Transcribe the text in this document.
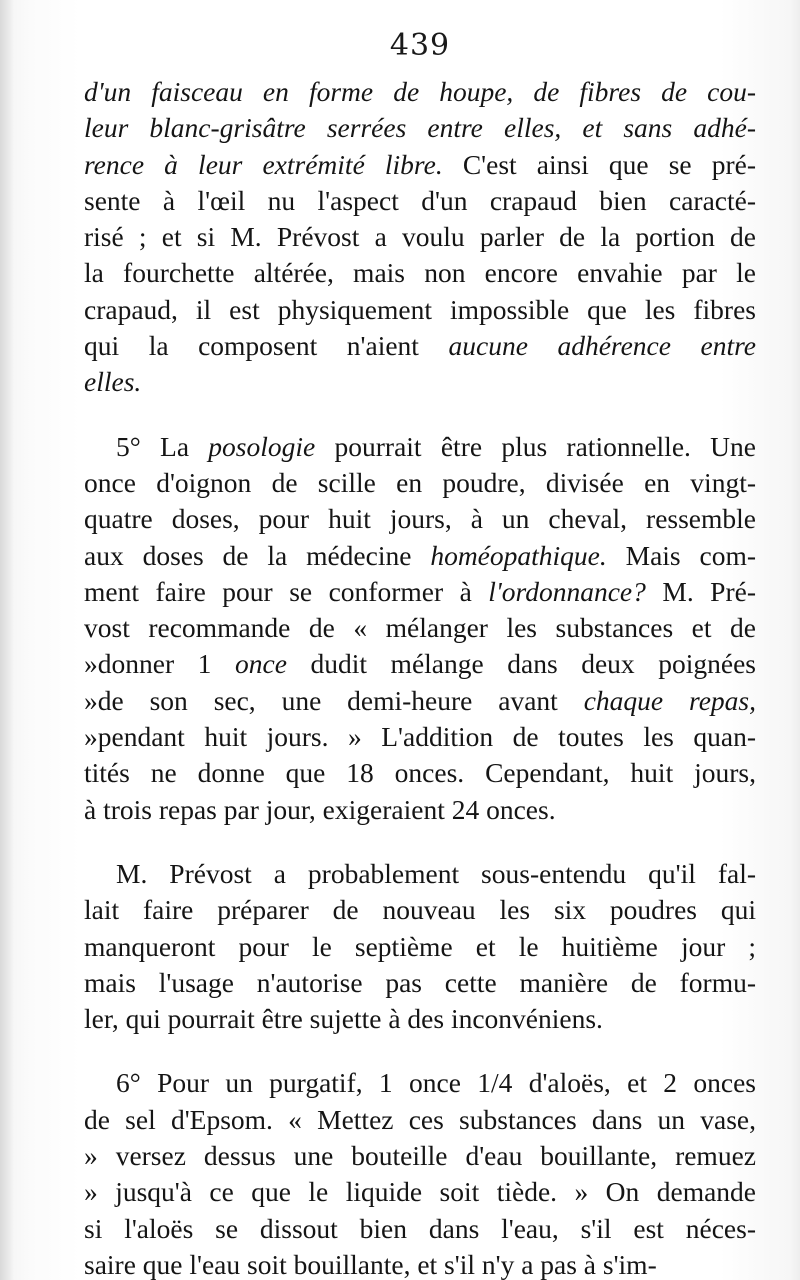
439
d'un faisceau en forme de houpe, de fibres de cou-
leur blanc-grisâtre serrées entre elles, et sans adhé-
rence à leur extrémité libre. C'est ainsi que se pré-
sente à l'œil nu l'aspect d'un crapaud bien caracté-
risé ; et si M. Prévost a voulu parler de la portion de
la fourchette altérée, mais non encore envahie par le
crapaud, il est physiquement impossible que les fibres
qui la composent n'aient aucune adhérence entre
elles.
5° La posologie pourrait être plus rationnelle. Une
once d'oignon de scille en poudre, divisée en vingt-
quatre doses, pour huit jours, à un cheval, ressemble
aux doses de la médecine homéopathique. Mais com-
ment faire pour se conformer à l'ordonnance? M. Pré-
vost recommande de « mélanger les substances et de
»donner 1 once dudit mélange dans deux poignées
»de son sec, une demi-heure avant chaque repas,
»pendant huit jours. » L'addition de toutes les quan-
tités ne donne que 18 onces. Cependant, huit jours,
à trois repas par jour, exigeraient 24 onces.
M. Prévost a probablement sous-entendu qu'il fal-
lait faire préparer de nouveau les six poudres qui
manqueront pour le septième et le huitième jour ;
mais l'usage n'autorise pas cette manière de formu-
ler, qui pourrait être sujette à des inconvéniens.
6° Pour un purgatif, 1 once 1/4 d'aloës, et 2 onces
de sel d'Epsom. « Mettez ces substances dans un vase,
» versez dessus une bouteille d'eau bouillante, remuez
» jusqu'à ce que le liquide soit tiède. » On demande
si l'aloës se dissout bien dans l'eau, s'il est néces-
saire que l'eau soit bouillante, et s'il n'y a pas à s'im-
